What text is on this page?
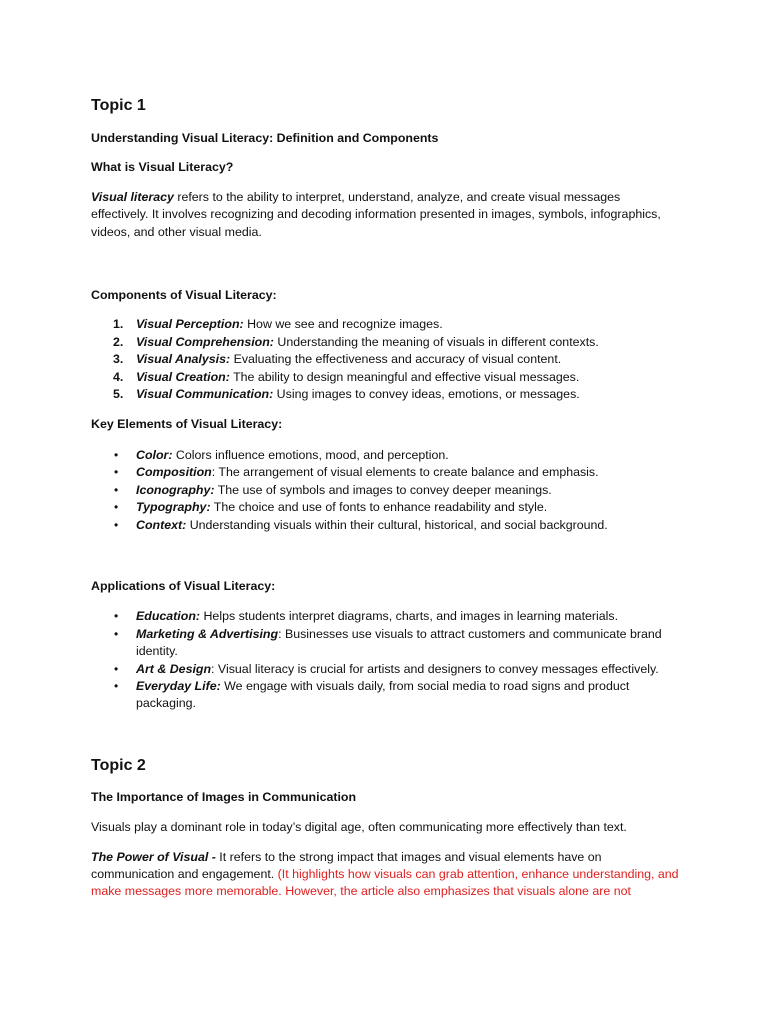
Topic 1

Understanding Visual Literacy: Definition and Components

What is Visual Literacy?

Visual literacy refers to the ability to interpret, understand, analyze, and create visual messages effectively. It involves recognizing and decoding information presented in images, symbols, infographics, videos, and other visual media.

Components of Visual Literacy:

1. Visual Perception: How we see and recognize images.
2. Visual Comprehension: Understanding the meaning of visuals in different contexts.
3. Visual Analysis: Evaluating the effectiveness and accuracy of visual content.
4. Visual Creation: The ability to design meaningful and effective visual messages.
5. Visual Communication: Using images to convey ideas, emotions, or messages.

Key Elements of Visual Literacy:

• Color: Colors influence emotions, mood, and perception.
• Composition: The arrangement of visual elements to create balance and emphasis.
• Iconography: The use of symbols and images to convey deeper meanings.
• Typography: The choice and use of fonts to enhance readability and style.
• Context: Understanding visuals within their cultural, historical, and social background.

Applications of Visual Literacy:

• Education: Helps students interpret diagrams, charts, and images in learning materials.
• Marketing & Advertising: Businesses use visuals to attract customers and communicate brand identity.
• Art & Design: Visual literacy is crucial for artists and designers to convey messages effectively.
• Everyday Life: We engage with visuals daily, from social media to road signs and product packaging.
Topic 2

The Importance of Images in Communication

Visuals play a dominant role in today’s digital age, often communicating more effectively than text.

The Power of Visual - It refers to the strong impact that images and visual elements have on communication and engagement. (It highlights how visuals can grab attention, enhance understanding, and make messages more memorable. However, the article also emphasizes that visuals alone are not
